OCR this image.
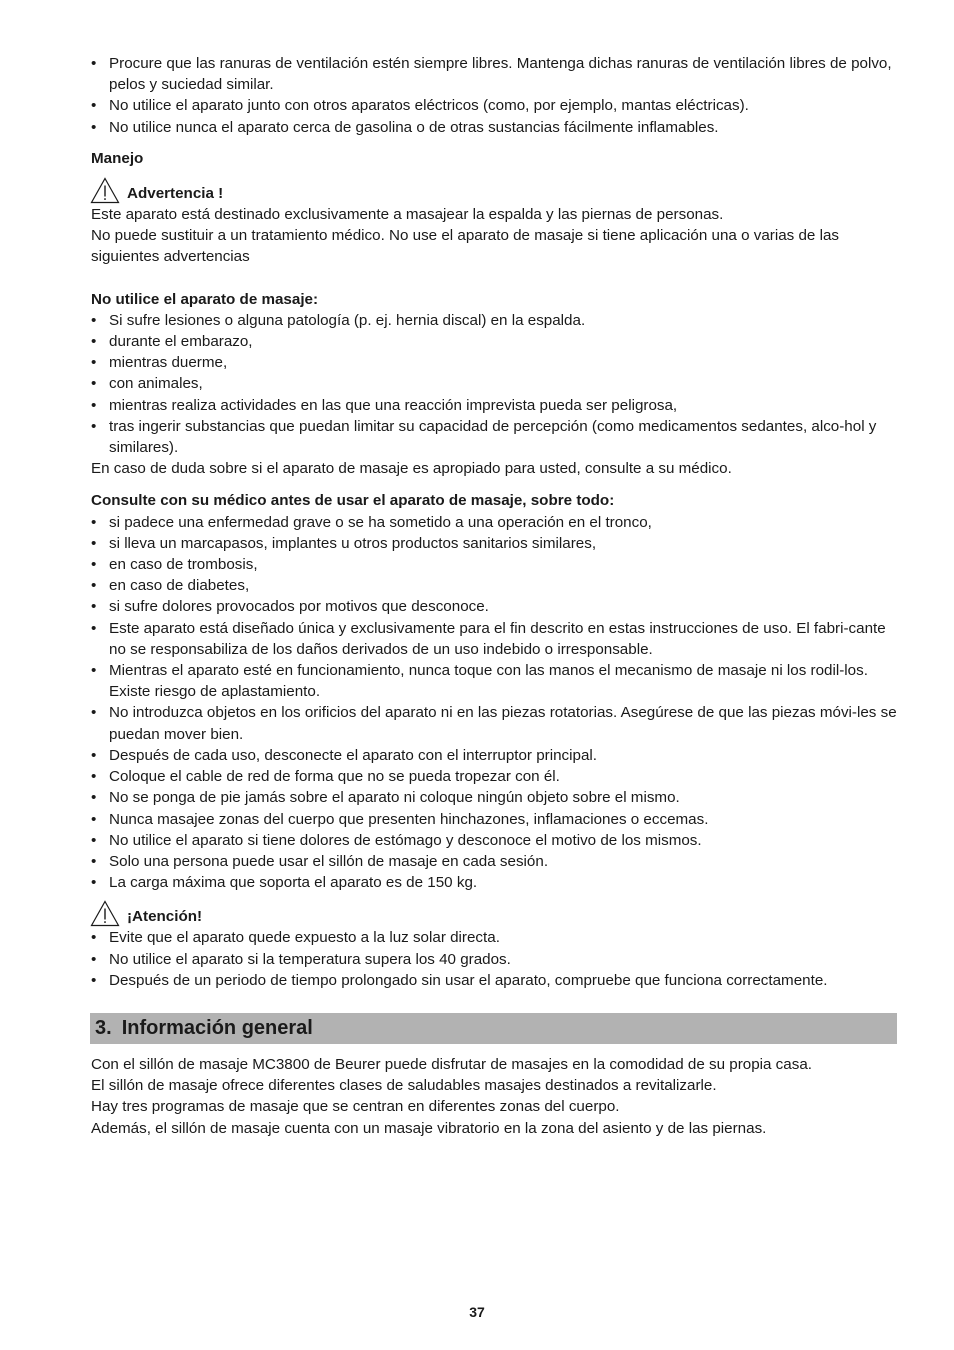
• Procure que las ranuras de ventilación estén siempre libres. Mantenga dichas ranuras de ventilación libres de polvo, pelos y suciedad similar.
• No utilice el aparato junto con otros aparatos eléctricos (como, por ejemplo, mantas eléctricas).
• No utilice nunca el aparato cerca de gasolina o de otras sustancias fácilmente inflamables.

Manejo

Advertencia !

Este aparato está destinado exclusivamente a masajear la espalda y las piernas de personas.

No puede sustituir a un tratamiento médico. No use el aparato de masaje si tiene aplicación una o varias de las siguientes advertencias

No utilice el aparato de masaje:

• Si sufre lesiones o alguna patología (p. ej. hernia discal) en la espalda.
• durante el embarazo,
• mientras duerme,
• con animales,
• mientras realiza actividades en las que una reacción imprevista pueda ser peligrosa,
• tras ingerir substancias que puedan limitar su capacidad de percepción (como medicamentos sedantes, alco-hol y similares).

En caso de duda sobre si el aparato de masaje es apropiado para usted, consulte a su médico.

Consulte con su médico antes de usar el aparato de masaje, sobre todo:

• si padece una enfermedad grave o se ha sometido a una operación en el tronco,
• si lleva un marcapasos, implantes u otros productos sanitarios similares,
• en caso de trombosis,
• en caso de diabetes,
• si sufre dolores provocados por motivos que desconoce.
• Este aparato está diseñado única y exclusivamente para el fin descrito en estas instrucciones de uso. El fabri-cante no se responsabiliza de los daños derivados de un uso indebido o irresponsable.
• Mientras el aparato esté en funcionamiento, nunca toque con las manos el mecanismo de masaje ni los rodil-los. Existe riesgo de aplastamiento.
• No introduzca objetos en los orificios del aparato ni en las piezas rotatorias. Asegúrese de que las piezas móvi-les se puedan mover bien.
• Después de cada uso, desconecte el aparato con el interruptor principal.
• Coloque el cable de red de forma que no se pueda tropezar con él.
• No se ponga de pie jamás sobre el aparato ni coloque ningún objeto sobre el mismo.
• Nunca masajee zonas del cuerpo que presenten hinchazones, inflamaciones o eccemas.
• No utilice el aparato si tiene dolores de estómago y desconoce el motivo de los mismos.
• Solo una persona puede usar el sillón de masaje en cada sesión.
• La carga máxima que soporta el aparato es de 150 kg.
¡Atención!
• Evite que el aparato quede expuesto a la luz solar directa.
• No utilice el aparato si la temperatura supera los 40 grados.
• Después de un periodo de tiempo prolongado sin usar el aparato, compruebe que funciona correctamente.
3. Información general

Con el sillón de masaje MC3800 de Beurer puede disfrutar de masajes en la comodidad de su propia casa.

El sillón de masaje ofrece diferentes clases de saludables masajes destinados a revitalizarle.

Hay tres programas de masaje que se centran en diferentes zonas del cuerpo.

Además, el sillón de masaje cuenta con un masaje vibratorio en la zona del asiento y de las piernas.

37
